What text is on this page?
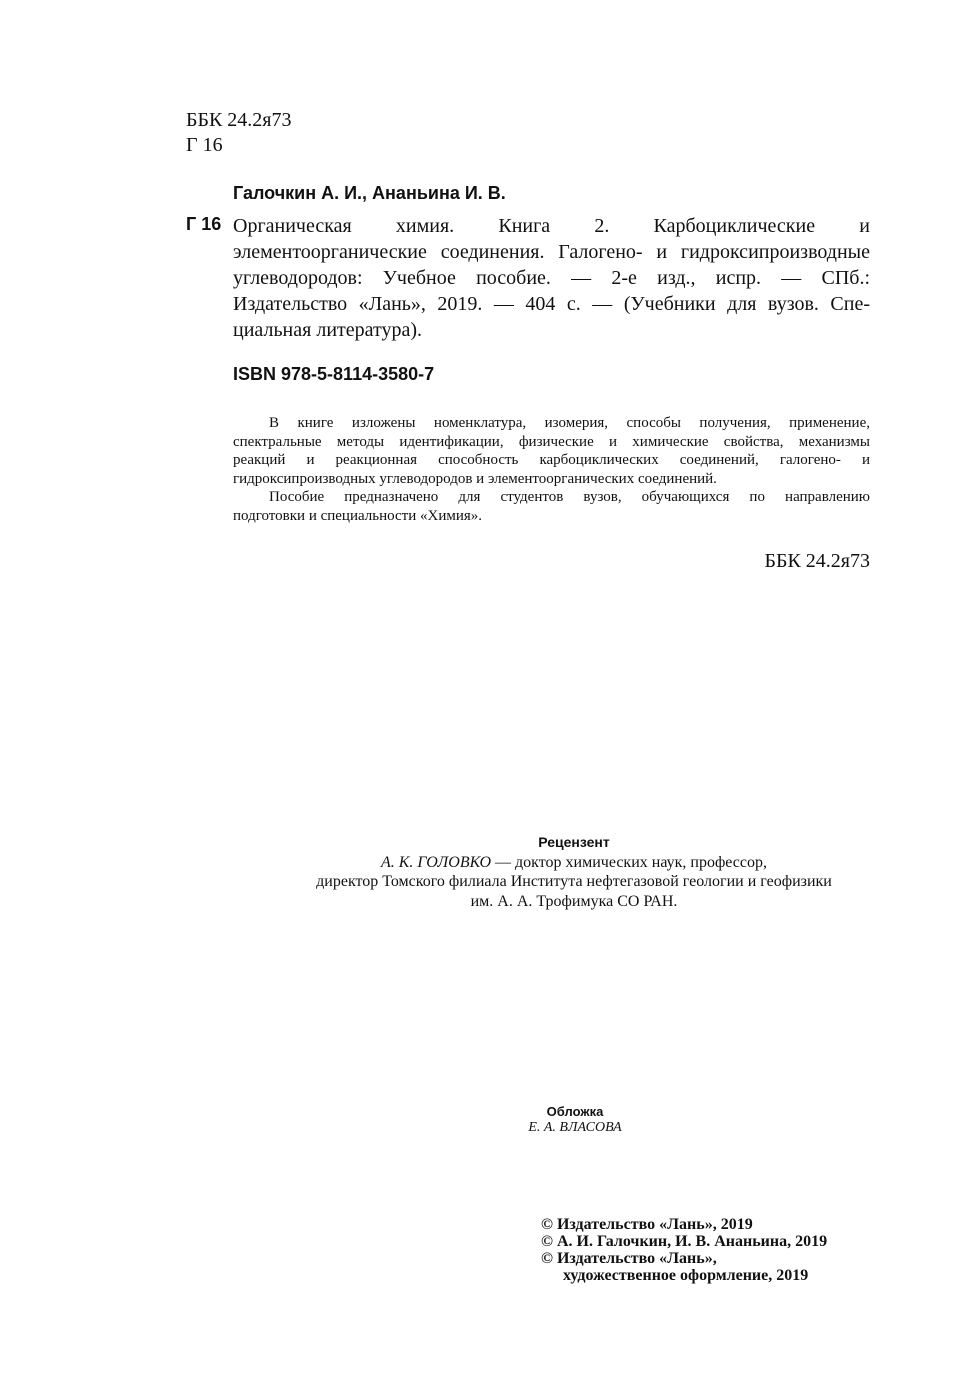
ББК 24.2я73
Г 16
Галочкин А. И., Ананьина И. В.
Г 16 Органическая химия. Книга 2. Карбоциклические и
элементоорганические соединения. Галогено- и гидроксипроизводные
углеводородов: Учебное пособие. — 2-е изд., испр. — СПб.:
Издательство «Лань», 2019. — 404 с. — (Учебники для вузов. Спе-
циальная литература).
ISBN 978-5-8114-3580-7
В книге изложены номенклатура, изомерия, способы получения, применение,
спектральные методы идентификации, физические и химические свойства, механизмы
реакций и реакционная способность карбоциклических соединений, галогено- и
гидроксипроизводных углеводородов и элементоорганических соединений.
Пособие предназначено для студентов вузов, обучающихся по направлению
подготовки и специальности «Химия».
ББК 24.2я73
Рецензент
А. К. ГОЛОВКО — доктор химических наук, профессор,
директор Томского филиала Института нефтегазовой геологии и геофизики
им. А. А. Трофимука СО РАН.
Обложка
Е. А. ВЛАСОВА
© Издательство «Лань», 2019
© А. И. Галочкин, И. В. Ананьина, 2019
© Издательство «Лань»,
художественное оформление, 2019
